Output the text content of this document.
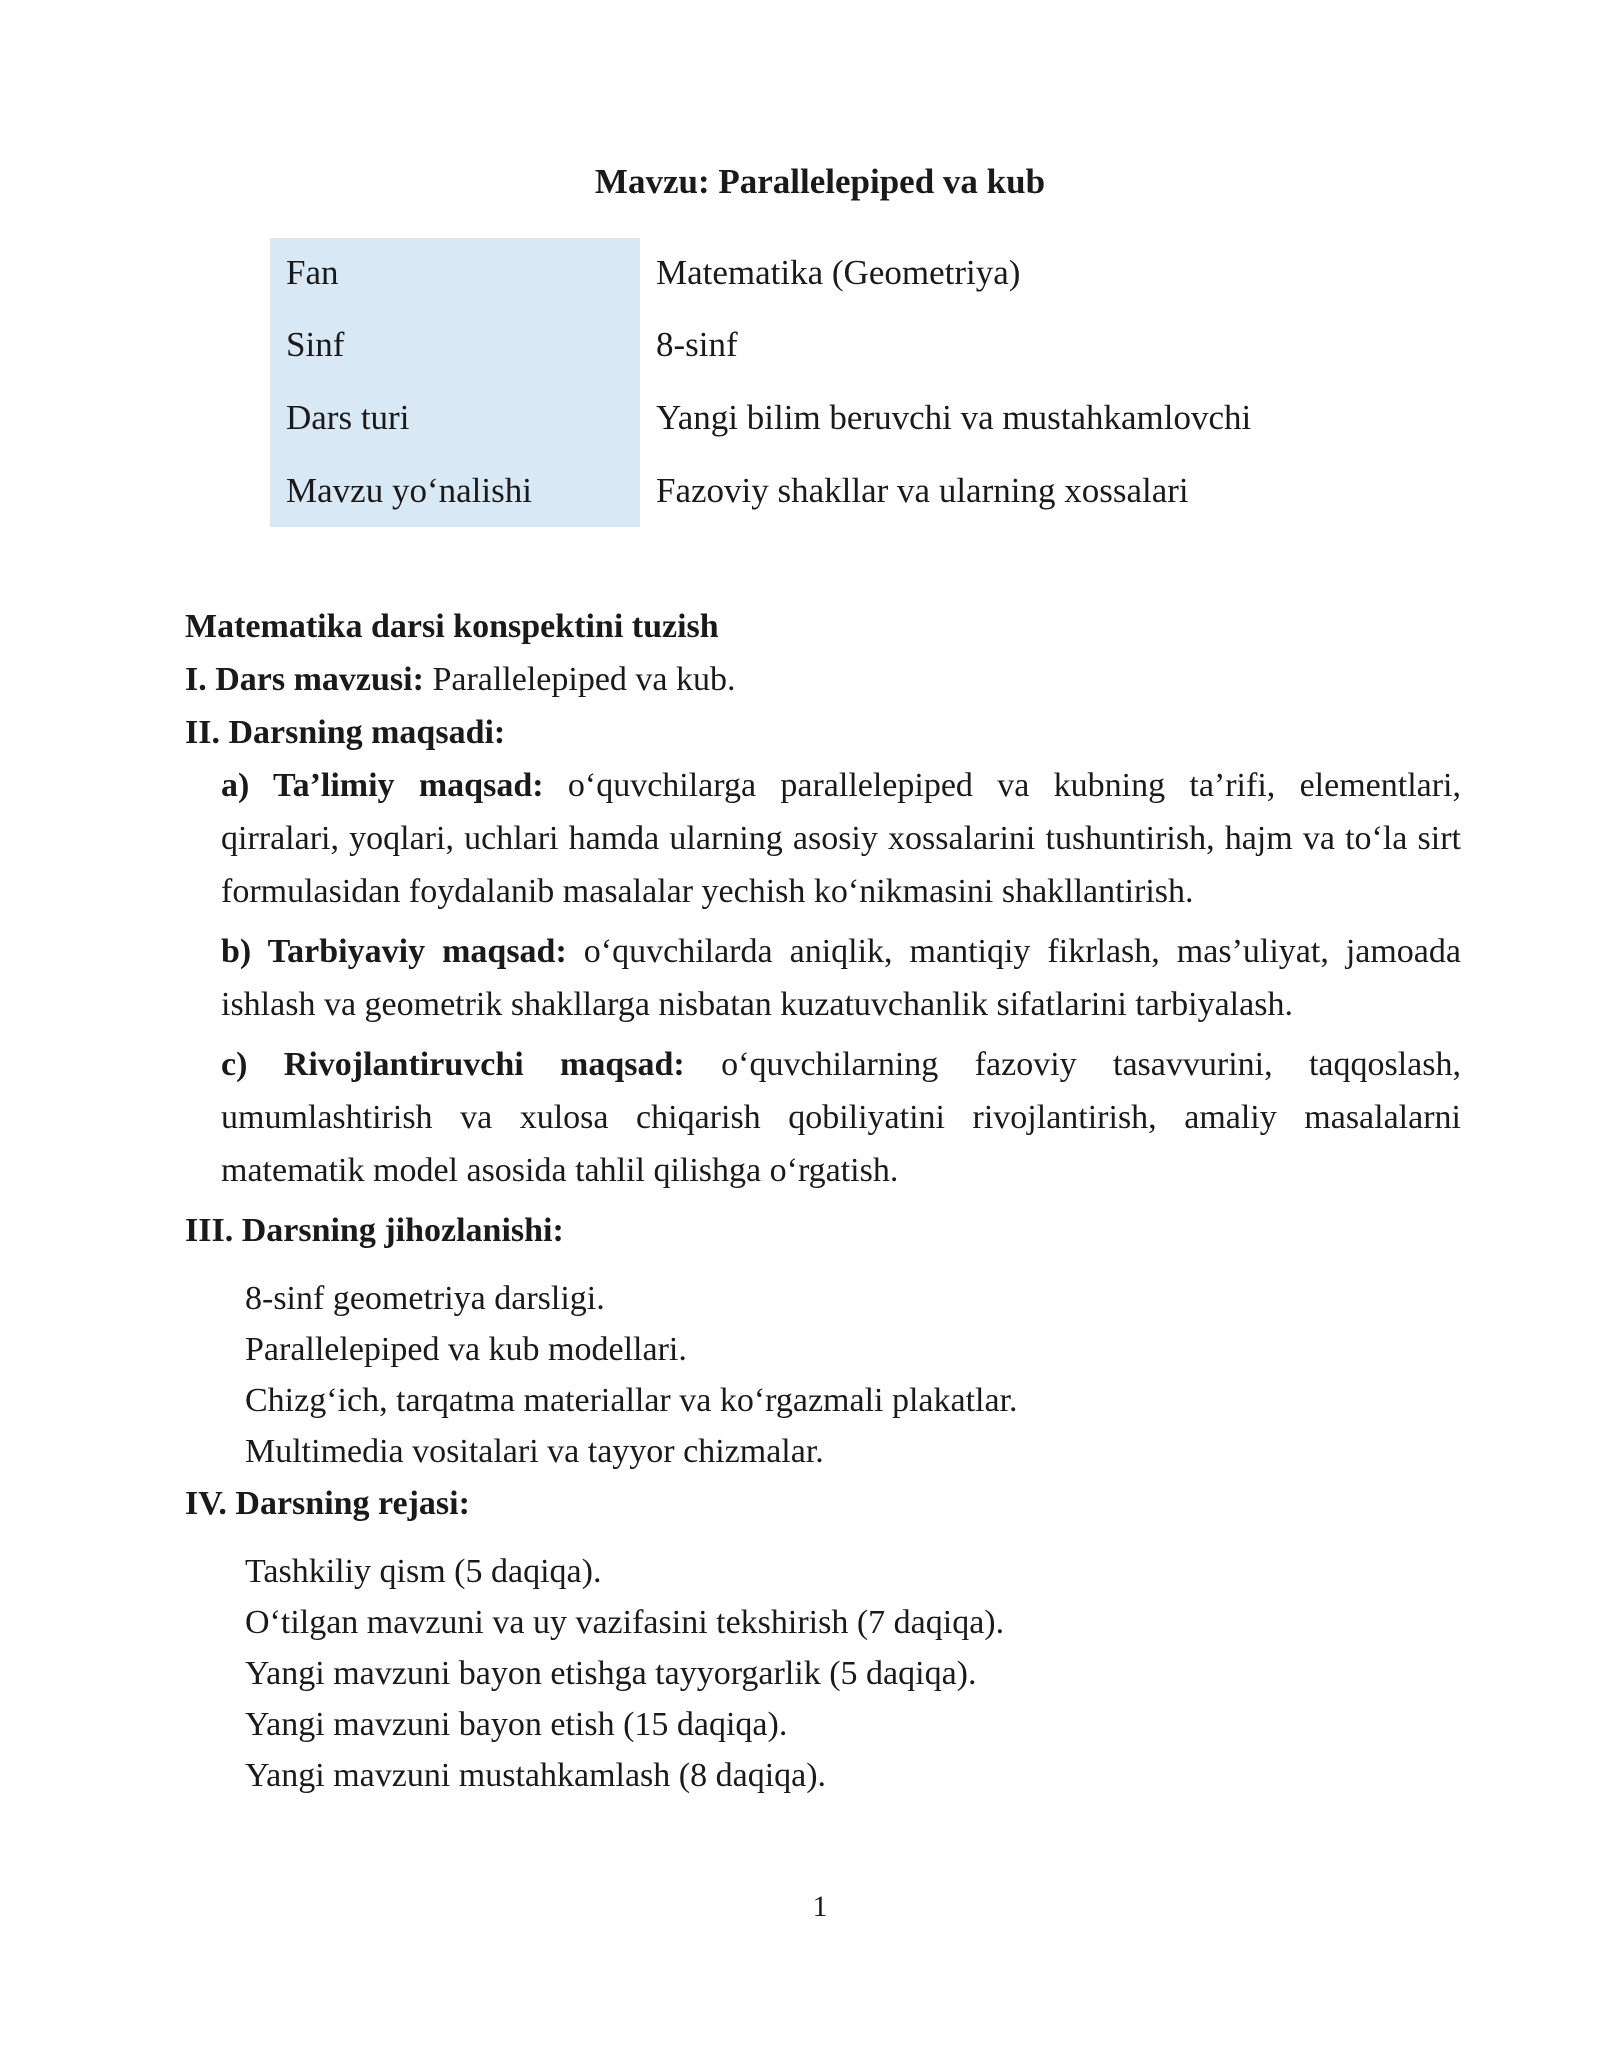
Mavzu: Parallelepiped va kub
Fan	Matematika (Geometriya)
Sinf	8-sinf
Dars turi	Yangi bilim beruvchi va mustahkamlovchi
Mavzu yo‘nalishi	Fazoviy shakllar va ularning xossalari

Matematika darsi konspektini tuzish

I. Dars mavzusi: Parallelepiped va kub.

II. Darsning maqsadi:

a) Ta’limiy maqsad: o‘quvchilarga parallelepiped va kubning ta’rifi, elementlari, qirralari, yoqlari, uchlari hamda ularning asosiy xossalarini tushuntirish, hajm va to‘la sirt formulasidan foydalanib masalalar yechish ko‘nikmasini shakllantirish.

b) Tarbiyaviy maqsad: o‘quvchilarda aniqlik, mantiqiy fikrlash, mas’uliyat, jamoada ishlash va geometrik shakllarga nisbatan kuzatuvchanlik sifatlarini tarbiyalash.

c) Rivojlantiruvchi maqsad: o‘quvchilarning fazoviy tasavvurini, taqqoslash, umumlashtirish va xulosa chiqarish qobiliyatini rivojlantirish, amaliy masalalarni matematik model asosida tahlil qilishga o‘rgatish.

III. Darsning jihozlanishi:

8-sinf geometriya darsligi.
Parallelepiped va kub modellari.
Chizg‘ich, tarqatma materiallar va ko‘rgazmali plakatlar.
Multimedia vositalari va tayyor chizmalar.

IV. Darsning rejasi:

Tashkiliy qism (5 daqiqa).
O‘tilgan mavzuni va uy vazifasini tekshirish (7 daqiqa).
Yangi mavzuni bayon etishga tayyorgarlik (5 daqiqa).
Yangi mavzuni bayon etish (15 daqiqa).
Yangi mavzuni mustahkamlash (8 daqiqa).
1
